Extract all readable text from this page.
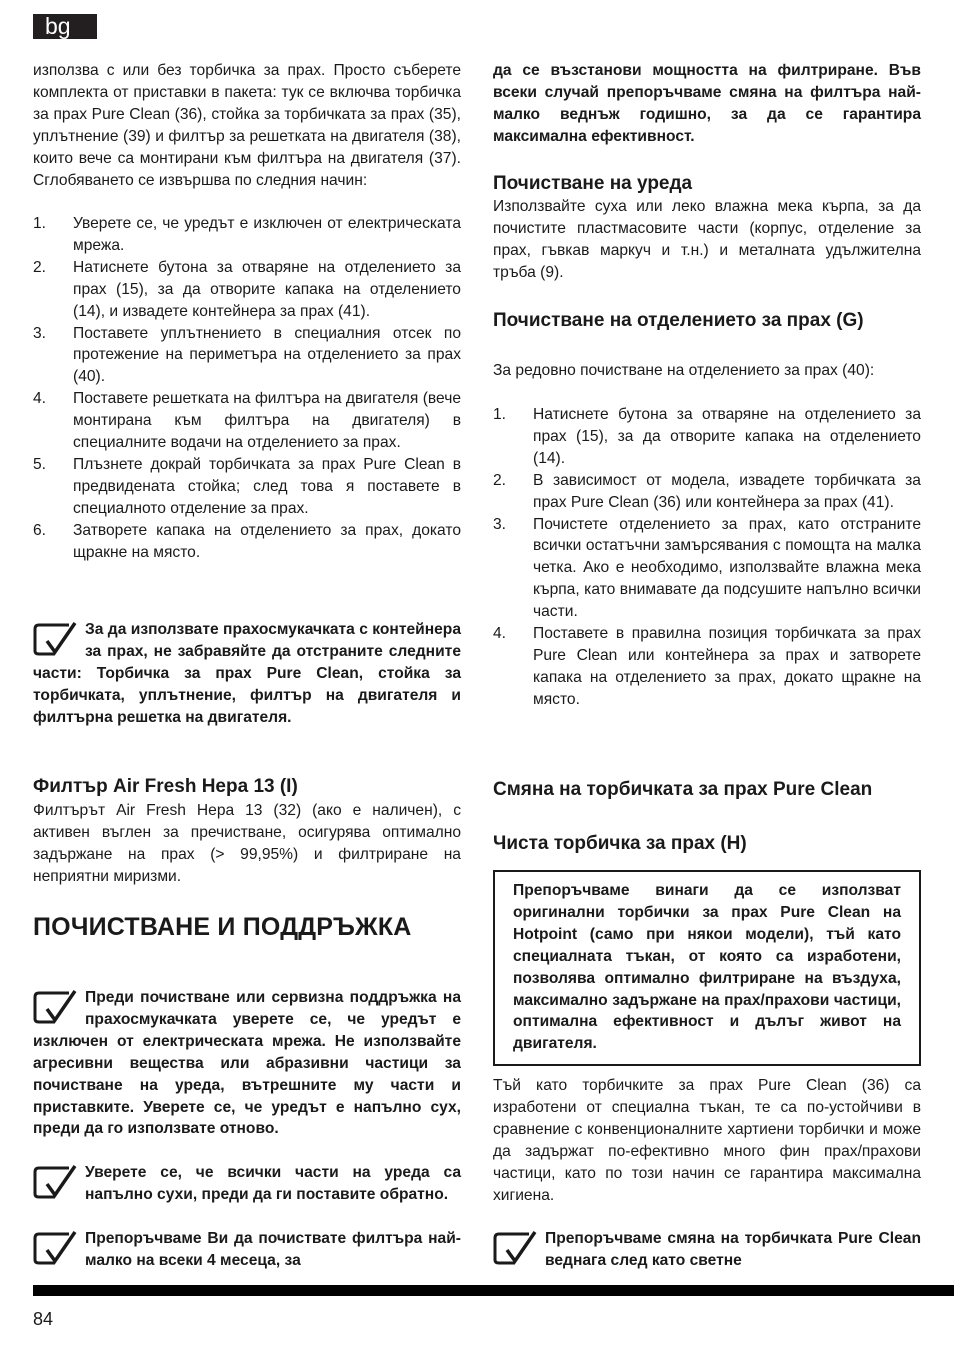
bg

използва с или без торбичка за прах. Просто съберете комплекта от приставки в пакета: тук се включва торбичка за прах Pure Clean (36), стойка за торбичката за прах (35), уплътнение (39) и филтър за решетката на двигателя (38), които вече са монтирани към филтъра на двигателя (37). Сглобяването се извършва по следния начин:

1. Уверете се, че уредът е изключен от електрическата мрежа.
2. Натиснете бутона за отваряне на отделението за прах (15), за да отворите капака на отделението (14), и извадете контейнера за прах (41).
3. Поставете уплътнението в специалния отсек по протежение на периметъра на отделението за прах (40).
4. Поставете решетката на филтъра на двигателя (вече монтирана към филтъра на двигателя) в специалните водачи на отделението за прах.
5. Плъзнете докрай торбичката за прах Pure Clean в предвидената стойка; след това я поставете в специалното отделение за прах.
6. Затворете капака на отделението за прах, докато щракне на място.

За да използвате прахосмукачката с контейнера за прах, не забравяйте да отстраните следните части: Торбичка за прах Pure Clean, стойка за торбичката, уплътнение, филтър на двигателя и филтърна решетка на двигателя.

Филтър Air Fresh Hepa 13 (I)

Филтърът Air Fresh Hepa 13 (32) (ако е наличен), с активен въглен за пречистване, осигурява оптимално задържане на прах (> 99,95%) и филтриране на неприятни миризми.

ПОЧИСТВАНЕ И ПОДДРЪЖКА

Преди почистване или сервизна поддръжка на прахосмукачката уверете се, че уредът е изключен от електрическата мрежа. Не използвайте агресивни вещества или абразивни частици за почистване на уреда, вътрешните му части и приставките. Уверете се, че уредът е напълно сух, преди да го използвате отново.

Уверете се, че всички части на уреда са напълно сухи, преди да ги поставите обратно.

Препоръчваме Ви да почиствате филтъра най-малко на всеки 4 месеца, за

да се възстанови мощността на филтриране. Във всеки случай препоръчваме смяна на филтъра най-малко веднъж годишно, за да се гарантира максимална ефективност.

Почистване на уреда

Използвайте суха или леко влажна мека кърпа, за да почистите пластмасовите части (корпус, отделение за прах, гъвкав маркуч и т.н.) и металната удължителна тръба (9).

Почистване на отделението за прах (G)

За редовно почистване на отделението за прах (40):

1. Натиснете бутона за отваряне на отделението за прах (15), за да отворите капака на отделението (14).
2. В зависимост от модела, извадете торбичката за прах Pure Clean (36) или контейнера за прах (41).
3. Почистете отделението за прах, като отстраните всички остатъчни замърсявания с помощта на малка четка. Ако е необходимо, използвайте влажна мека кърпа, като внимавате да подсушите напълно всички части.
4. Поставете в правилна позиция торбичката за прах Pure Clean или контейнера за прах и затворете капака на отделението за прах, докато щракне на място.
Смяна на торбичката за прах Pure Clean
Чиста торбичка за прах (H)

Препоръчваме винаги да се използват оригинални торбички за прах Pure Clean на Hotpoint (само при някои модели), тъй като специалната тъкан, от която са изработени, позволява оптимално филтриране на въздуха, максимално задържане на прах/прахови частици, оптимална ефективност и дълъг живот на двигателя.

Тъй като торбичките за прах Pure Clean (36) са изработени от специална тъкан, те са по-устойчиви в сравнение с конвенционалните хартиени торбички и може да задържат по-ефективно много фин прах/прахови частици, като по този начин се гарантира максимална хигиена.

Препоръчваме смяна на торбичката Pure Clean веднага след като светне

84
